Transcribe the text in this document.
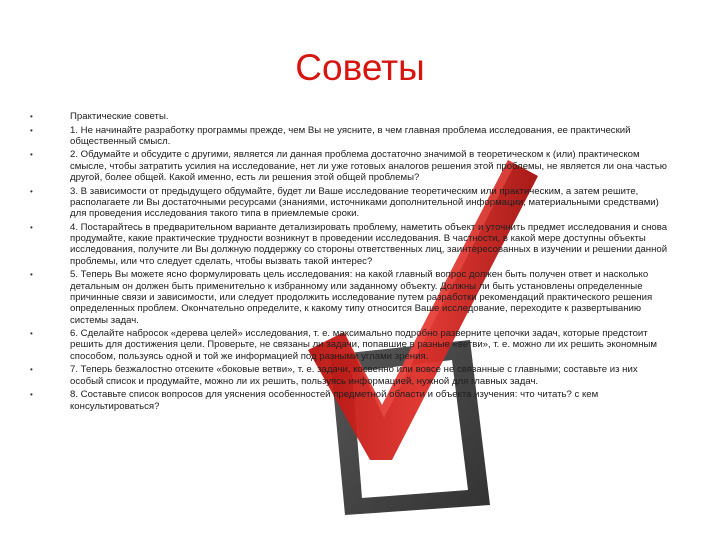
Советы
• Практические советы.
• 1. Не начинайте разработку программы прежде, чем Вы не уясните, в чем главная проблема исследования, ее практический общественный смысл.
• 2. Обдумайте и обсудите с другими, является ли данная проблема достаточно значимой в теоретическом к (или) практическом смысле, чтобы затратить усилия на исследование, нет ли уже готовых аналогов решения этой проблемы, не является ли она частью другой, более общей. Какой именно, есть ли решения этой общей проблемы?
• 3. В зависимости от предыдущего обдумайте, будет ли Ваше исследование теоретическим или практическим, а затем решите, располагаете ли Вы достаточными ресурсами (знаниями, источниками дополнительной информации, материальными средствами) для проведения исследования такого типа в приемлемые сроки.
• 4. Постарайтесь в предварительном варианте детализировать проблему, наметить объект и уточнить предмет исследования и снова продумайте, какие практические трудности возникнут в проведении исследования. В частности, в какой мере доступны объекты исследования, получите ли Вы должную поддержку со стороны ответственных лиц, заинтересованных в изучении и решении данной проблемы, или что следует сделать, чтобы вызвать такой интерес?
• 5. Теперь Вы можете ясно формулировать цель исследования: на какой главный вопрос должен быть получен ответ и насколько детальным он должен быть применительно к избранному или заданному объекту. Должны ли быть установлены определенные причинные связи и зависимости, или следует продолжить исследование путем разработки рекомендаций практического решения определенных проблем. Окончательно определите, к какому типу относится Ваше исследование, переходите к развертыванию системы задач.
• 6. Сделайте набросок «дерева целей» исследования, т. е. максимально подробно разверните цепочки задач, которые предстоит решить для достижения цели. Проверьте, не связаны ли задачи, попавшие в разные «ветви», т. е. можно ли их решить экономным способом, пользуясь одной и той же информацией под разными углами зрения.
• 7. Теперь безжалостно отсеките «боковые ветви», т. е. задачи, косвенно или вовсе не связанные с главными; составьте из них особый список и продумайте, можно ли их решить, пользуясь информацией, нужной для главных задач.
• 8. Составьте список вопросов для уяснения особенностей предметной области и объекта изучения: что читать? с кем консультироваться?
